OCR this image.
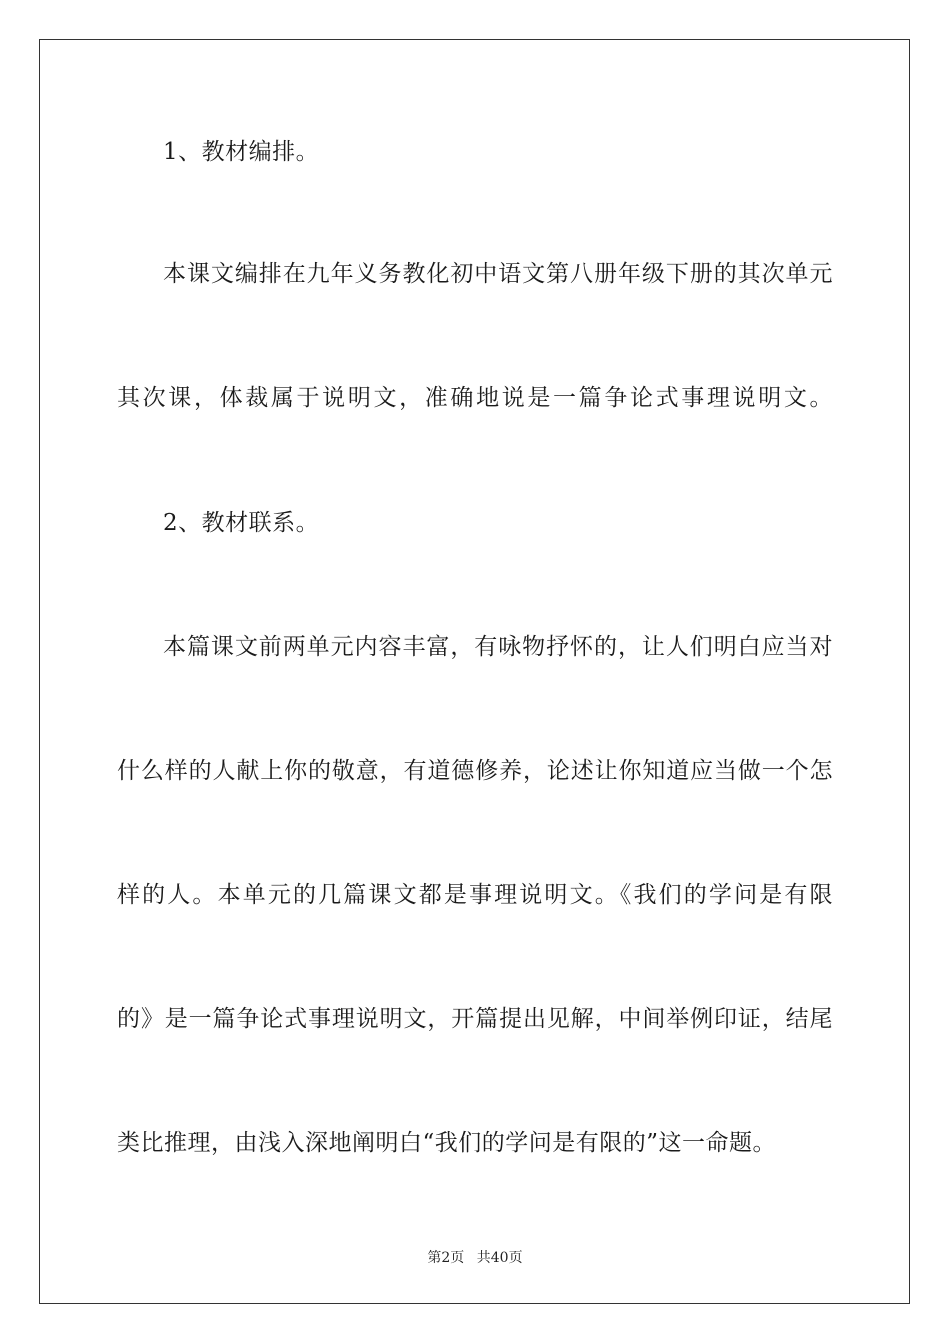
1、教材编排。
本课文编排在九年义务教化初中语文第八册年级下册的其次单元
其次课，体裁属于说明文，准确地说是一篇争论式事理说明文。
2、教材联系。
本篇课文前两单元内容丰富，有咏物抒怀的，让人们明白应当对
什么样的人献上你的敬意，有道德修养，论述让你知道应当做一个怎
样的人。本单元的几篇课文都是事理说明文。《我们的学问是有限
的》是一篇争论式事理说明文，开篇提出见解，中间举例印证，结尾
类比推理，由浅入深地阐明白“我们的学问是有限的”这一命题。
第2页 共40页
